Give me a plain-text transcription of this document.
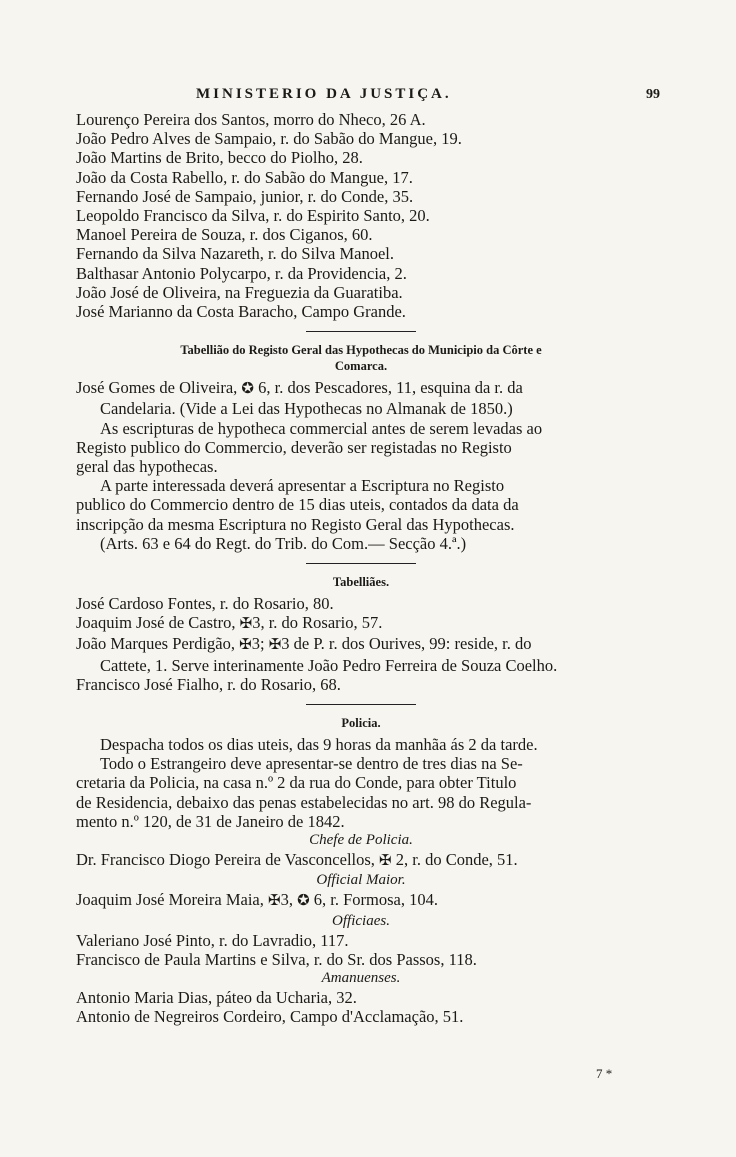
MINISTERIO DA JUSTIÇA.	99
Lourenço Pereira dos Santos, morro do Nheco, 26 A.
João Pedro Alves de Sampaio, r. do Sabão do Mangue, 19.
João Martins de Brito, becco do Piolho, 28.
João da Costa Rabello, r. do Sabão do Mangue, 17.
Fernando José de Sampaio, junior, r. do Conde, 35.
Leopoldo Francisco da Silva, r. do Espirito Santo, 20.
Manoel Pereira de Souza, r. dos Ciganos, 60.
Fernando da Silva Nazareth, r. do Silva Manoel.
Balthasar Antonio Polycarpo, r. da Providencia, 2.
João José de Oliveira, na Freguezia da Guaratiba.
José Marianno da Costa Baracho, Campo Grande.
Tabellião do Registo Geral das Hypothecas do Municipio da Côrte e
Comarca.
José Gomes de Oliveira, ✪ 6, r. dos Pescadores, 11, esquina da r. da
Candelaria. (Vide a Lei das Hypothecas no Almanak de 1850.)
As escripturas de hypotheca commercial antes de serem levadas ao
Registo publico do Commercio, deverão ser registadas no Registo
geral das hypothecas.
A parte interessada deverá apresentar a Escriptura no Registo
publico do Commercio dentro de 15 dias uteis, contados da data da
inscripção da mesma Escriptura no Registo Geral das Hypothecas.
(Arts. 63 e 64 do Regt. do Trib. do Com.— Secção 4.ª.)
Tabelliães.
José Cardoso Fontes, r. do Rosario, 80.
Joaquim José de Castro, ✠3, r. do Rosario, 57.
João Marques Perdigão, ✠3; ✠3 de P. r. dos Ourives, 99: reside, r. do
Cattete, 1. Serve interinamente João Pedro Ferreira de Souza Coelho.
Francisco José Fialho, r. do Rosario, 68.
Policia.
Despacha todos os dias uteis, das 9 horas da manhãa ás 2 da tarde.
Todo o Estrangeiro deve apresentar-se dentro de tres dias na Se-
cretaria da Policia, na casa n.º 2 da rua do Conde, para obter Titulo
de Residencia, debaixo das penas estabelecidas no art. 98 do Regula-
mento n.º 120, de 31 de Janeiro de 1842.
Chefe de Policia.
Dr. Francisco Diogo Pereira de Vasconcellos, ✠ 2, r. do Conde, 51.
Official Maior.
Joaquim José Moreira Maia, ✠3, ✪ 6, r. Formosa, 104.
Officiaes.
Valeriano José Pinto, r. do Lavradio, 117.
Francisco de Paula Martins e Silva, r. do Sr. dos Passos, 118.
Amanuenses.
Antonio Maria Dias, páteo da Ucharia, 32.
Antonio de Negreiros Cordeiro, Campo d'Acclamação, 51.
7 *
